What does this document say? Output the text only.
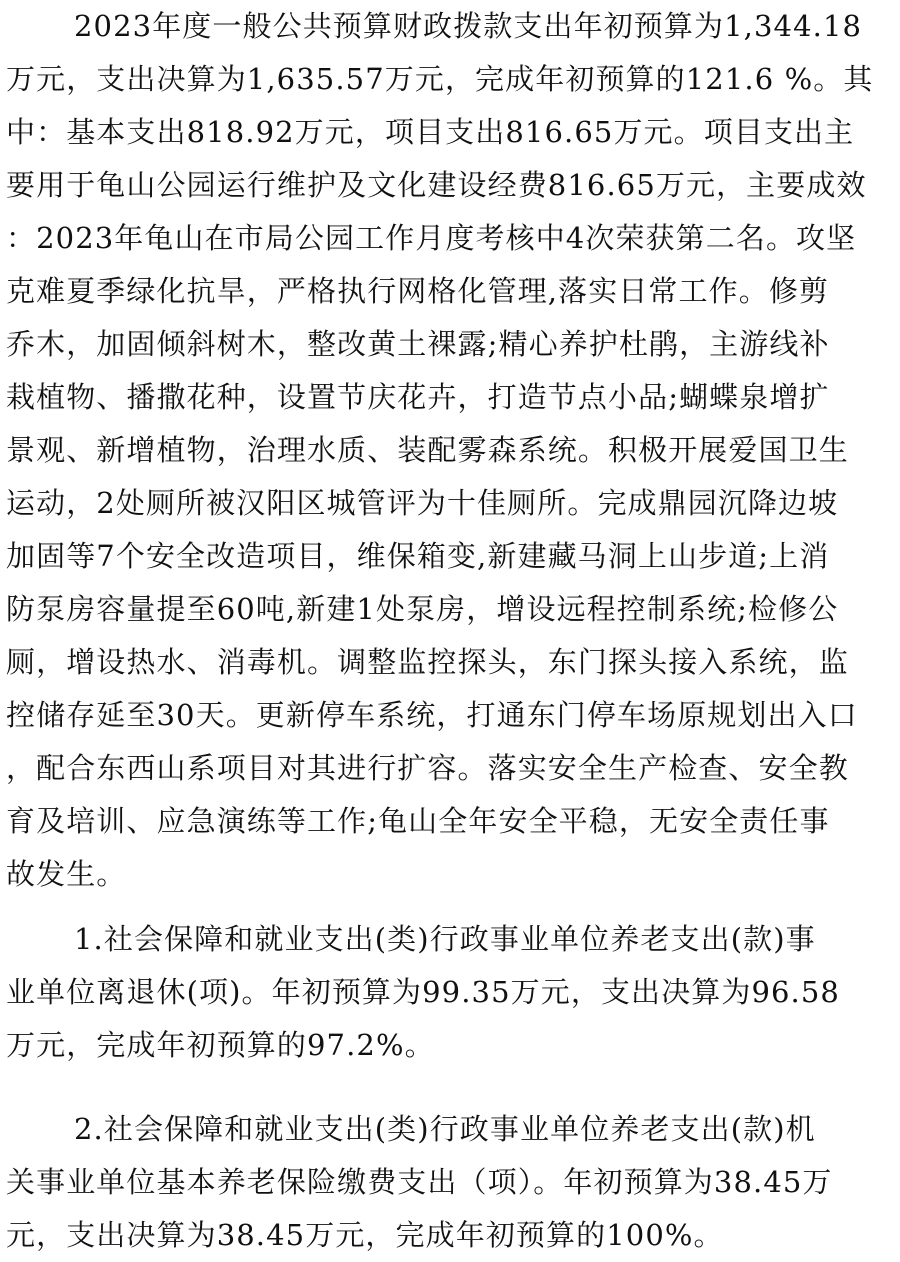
2023年度一般公共预算财政拨款支出年初预算为1,344.18
万元，支出决算为1,635.57万元，完成年初预算的121.6 %。其
中：基本支出818.92万元，项目支出816.65万元。项目支出主
要用于龟山公园运行维护及文化建设经费816.65万元，主要成效
：2023年龟山在市局公园工作月度考核中4次荣获第二名。攻坚
克难夏季绿化抗旱，严格执行网格化管理,落实日常工作。修剪
乔木，加固倾斜树木，整改黄土裸露;精心养护杜鹃，主游线补
栽植物、播撒花种，设置节庆花卉，打造节点小品;蝴蝶泉增扩
景观、新增植物，治理水质、装配雾森系统。积极开展爱国卫生
运动，2处厕所被汉阳区城管评为十佳厕所。完成鼎园沉降边坡
加固等7个安全改造项目，维保箱变,新建藏马洞上山步道;上消
防泵房容量提至60吨,新建1处泵房，增设远程控制系统;检修公
厕，增设热水、消毒机。调整监控探头，东门探头接入系统，监
控储存延至30天。更新停车系统，打通东门停车场原规划出入口
，配合东西山系项目对其进行扩容。落实安全生产检查、安全教
育及培训、应急演练等工作;龟山全年安全平稳，无安全责任事
故发生。
1.社会保障和就业支出(类)行政事业单位养老支出(款)事
业单位离退休(项)。年初预算为99.35万元，支出决算为96.58
万元，完成年初预算的97.2%。
2.社会保障和就业支出(类)行政事业单位养老支出(款)机
关事业单位基本养老保险缴费支出（项）。年初预算为38.45万
元，支出决算为38.45万元，完成年初预算的100%。
